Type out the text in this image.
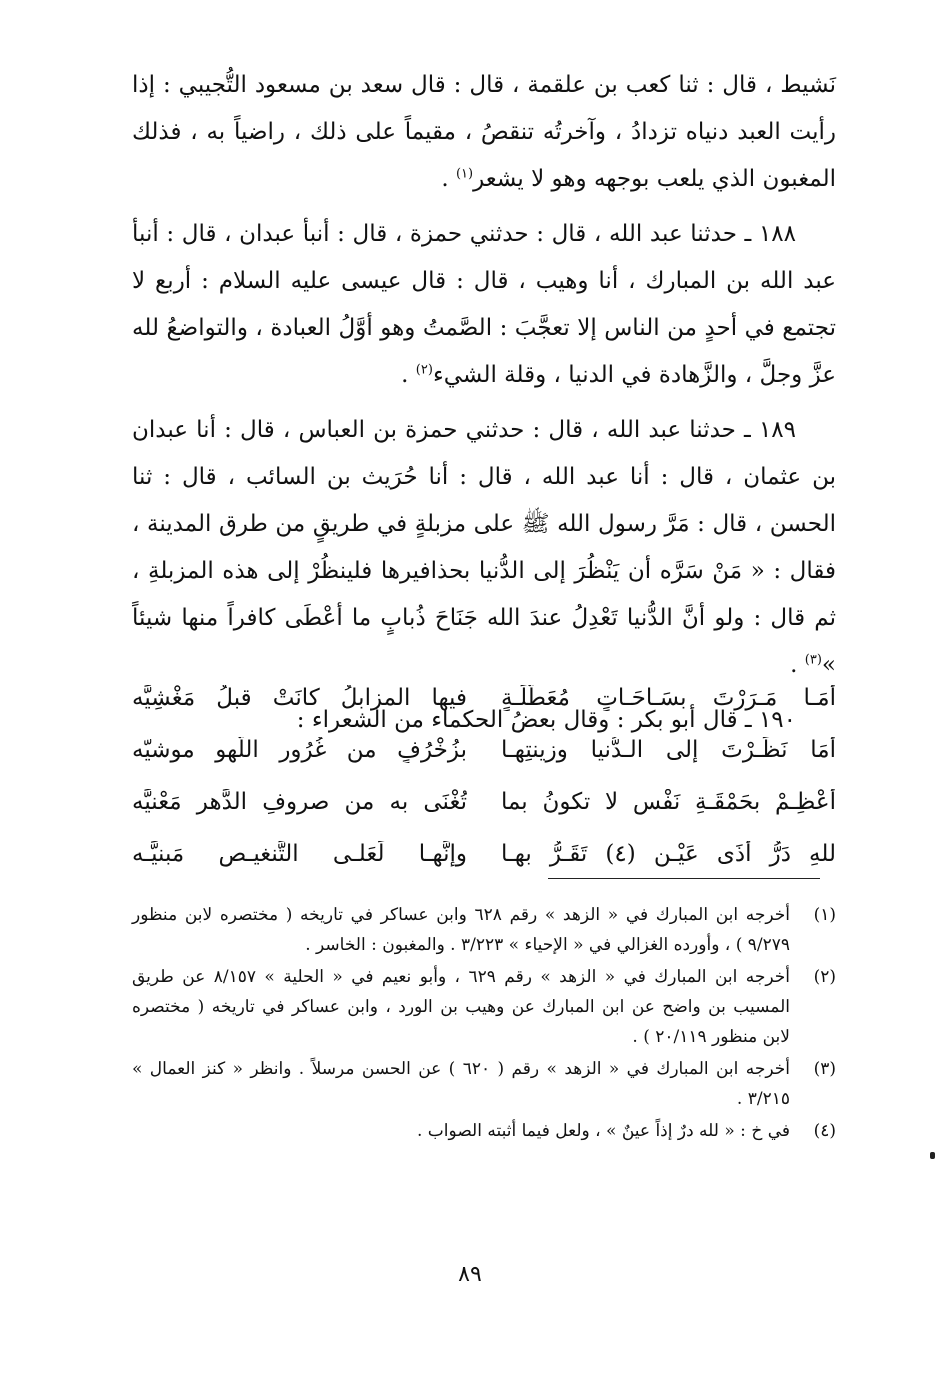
نَشيط ، قال : ثنا كعب بن علقمة ، قال : قال سعد بن مسعود التُّجيبي : إذا رأيت العبد دنياه تزدادُ ، وآخرتُه تنقصُ ، مقيماً على ذلك ، راضياً به ، فذلك المغبون الذي يلعب بوجهه وهو لا يشعر$^{(١)}$ .

١٨٨ ـ حدثنا عبد الله ، قال : حدثني حمزة ، قال : أنبأ عبدان ، قال : أنبأ عبد الله بن المبارك ، أنا وهيب ، قال : قال عيسى عليه السلام : أربع لا تجتمع في أحدٍ من الناس إلا تعجَّبَ : الصَّمتُ وهو أوَّلُ العبادة ، والتواضعُ لله عزَّ وجلَّ ، والزَّهادة في الدنيا ، وقلة الشيء$^{(٢)}$ .

١٨٩ ـ حدثنا عبد الله ، قال : حدثني حمزة بن العباس ، قال : أنا عبدان بن عثمان ، قال : أنا عبد الله ، قال : أنا حُرَيث بن السائب ، قال : ثنا الحسن ، قال : مَرَّ رسول الله ﷺ على مزبلةٍ في طريقٍ من طرق المدينة ، فقال : « مَنْ سَرَّه أن يَنْظُرَ إلى الدُّنيا بحذافيرها فلينظُرْ إلى هذه المزبلةِ ، ثم قال : ولو أنَّ الدُّنيا تَعْدِلُ عندَ الله جَنَاحَ ذُبابٍ ما أعْطَى كافراً منها شيئاً »$^{(٣)}$ .

١٩٠ ـ قال أبو بكر : وقال بعضُ الحكماء من الشعراء :

أمَـا مَـرَرْتَ بسَـاحَـاتٍ مُعَطَّلَـةٍ
فيها المزابلُ كانَتْ قبلُ مَغْشِيَّه
أمَا نَظَـرْتَ إلى الـدُّنيا وزينتِهـا
بزُخْرُفٍ من غُرُورِ اللَّهو موشيّه
أعْظِـمْ بحَمْقَـةِ نَفْسٍ لا تكونُ بما
تُغْنَى به من صروفِ الدَّهرِ مَعْنيَّه
للهِ دَرُّ أذَى عَيْـنٍ (٤) تَقَـرُّ بهـا
وإنَّهـا لَعَلـى التَّنغيـصِ مَبنيَّـه
(١)
أخرجه ابن المبارك في « الزهد » رقم ٦٢٨ وابن عساكر في تاريخه ( مختصره لابن منظور ٩/٢٧٩ ) ، وأورده الغزالي في « الإحياء » ٣/٢٢٣ . والمغبون : الخاسر .
(٢)
أخرجه ابن المبارك في « الزهد » رقم ٦٢٩ ، وأبو نعيم في « الحلية » ٨/١٥٧ عن طريق المسيب بن واضح عن ابن المبارك عن وهيب بن الورد ، وابن عساكر في تاريخه ( مختصره لابن منظور ٢٠/١١٩ ) .
(٣)
أخرجه ابن المبارك في « الزهد » رقم ( ٦٢٠ ) عن الحسن مرسلاً . وانظر « كنز العمال » ٣/٢١٥ .
(٤)
في خ : « لله درٌ إذاً عينٌ » ، ولعل فيما أثبته الصواب .
٨٩
